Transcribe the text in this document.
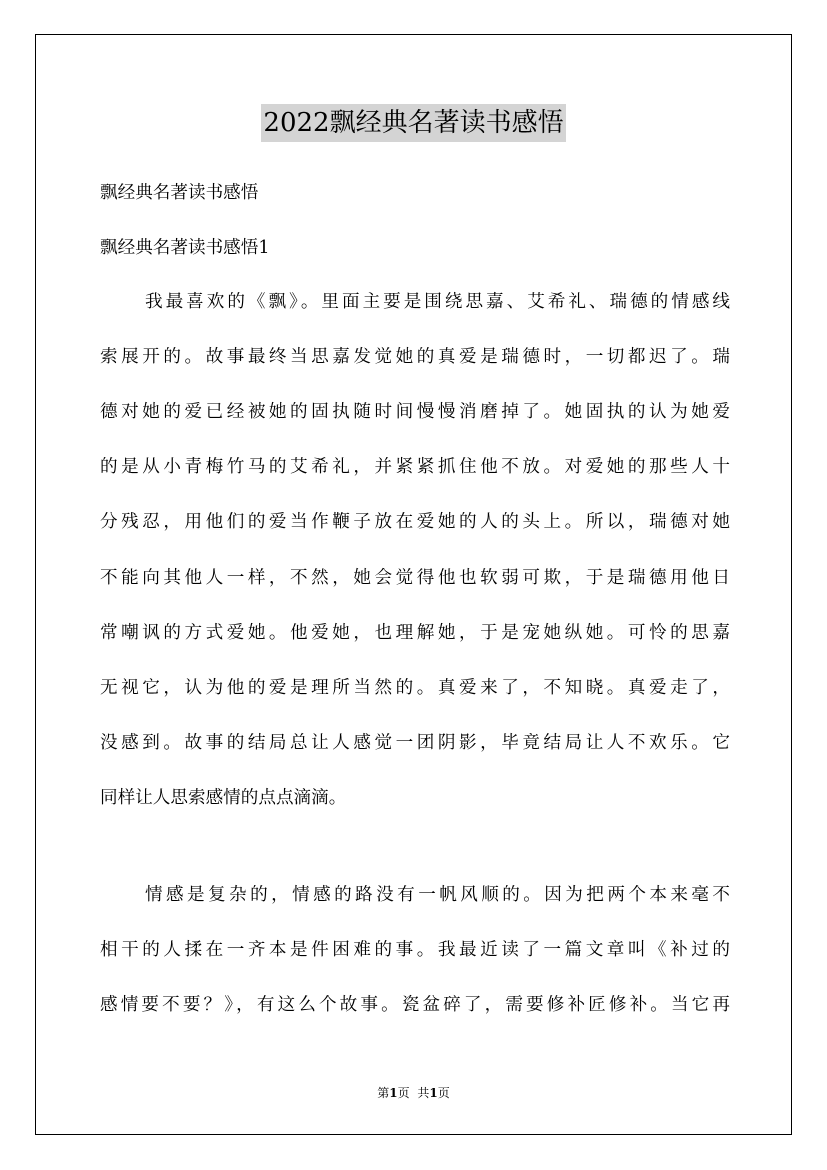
2022飘经典名著读书感悟
飘经典名著读书感悟
飘经典名著读书感悟1
我最喜欢的《飘》。里面主要是围绕思嘉、艾希礼、瑞德的情感线
索展开的。故事最终当思嘉发觉她的真爱是瑞德时，一切都迟了。瑞
德对她的爱已经被她的固执随时间慢慢消磨掉了。她固执的认为她爱
的是从小青梅竹马的艾希礼，并紧紧抓住他不放。对爱她的那些人十
分残忍，用他们的爱当作鞭子放在爱她的人的头上。所以，瑞德对她
不能向其他人一样，不然，她会觉得他也软弱可欺，于是瑞德用他日
常嘲讽的方式爱她。他爱她，也理解她，于是宠她纵她。可怜的思嘉
无视它，认为他的爱是理所当然的。真爱来了，不知晓。真爱走了，
没感到。故事的结局总让人感觉一团阴影，毕竟结局让人不欢乐。它
同样让人思索感情的点点滴滴。
情感是复杂的，情感的路没有一帆风顺的。因为把两个本来毫不
相干的人揉在一齐本是件困难的事。我最近读了一篇文章叫《补过的
感情要不要？》，有这么个故事。瓷盆碎了，需要修补匠修补。当它再
第1页 共1页
